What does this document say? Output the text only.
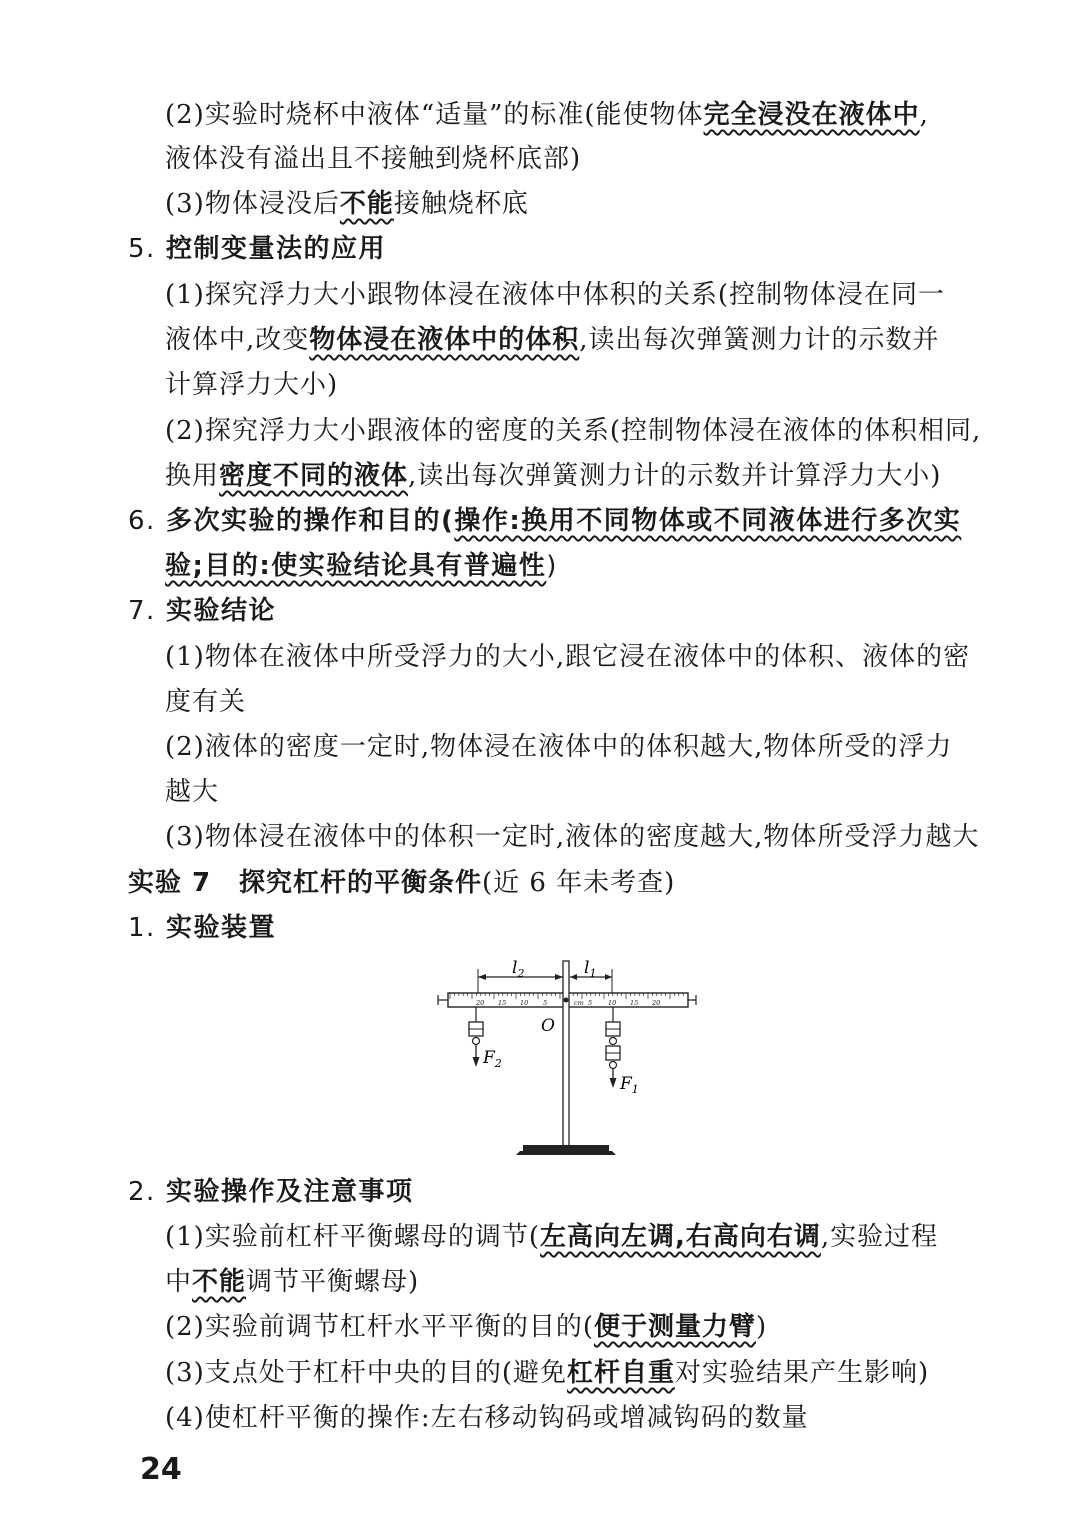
(2)实验时烧杯中液体“适量”的标准(能使物体完全浸没在液体中,
液体没有溢出且不接触到烧杯底部)
(3)物体浸没后不能接触烧杯底
5. 控制变量法的应用
(1)探究浮力大小跟物体浸在液体中体积的关系(控制物体浸在同一
液体中,改变物体浸在液体中的体积,读出每次弹簧测力计的示数并
计算浮力大小)
(2)探究浮力大小跟液体的密度的关系(控制物体浸在液体的体积相同,
换用密度不同的液体,读出每次弹簧测力计的示数并计算浮力大小)
6. 多次实验的操作和目的(操作:换用不同物体或不同液体进行多次实
验;目的:使实验结论具有普遍性)
7. 实验结论
(1)物体在液体中所受浮力的大小,跟它浸在液体中的体积、液体的密
度有关
(2)液体的密度一定时,物体浸在液体中的体积越大,物体所受的浮力
越大
(3)物体浸在液体中的体积一定时,液体的密度越大,物体所受浮力越大
实验 7 探究杠杆的平衡条件(近 6 年未考查)
1. 实验装置
$l_2$	$l_1$
20 15 10 5	cm 5 10 15 20
O
$F_2$
$F_1$
2. 实验操作及注意事项
(1)实验前杠杆平衡螺母的调节(左高向左调,右高向右调,实验过程
中不能调节平衡螺母)
(2)实验前调节杠杆水平平衡的目的(便于测量力臂)
(3)支点处于杠杆中央的目的(避免杠杆自重对实验结果产生影响)
(4)使杠杆平衡的操作:左右移动钩码或增减钩码的数量
24
